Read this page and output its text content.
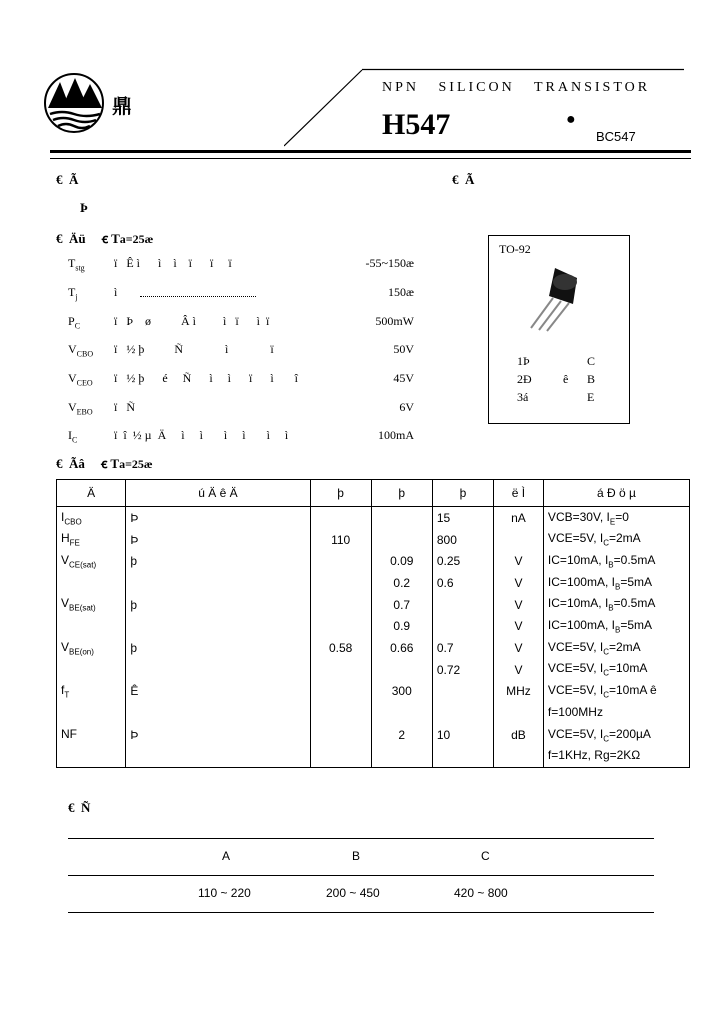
鼎
NPN   SILICON   TRANSISTOR
H547	●
BC547
€  Ã
Þ
€  Ã
€  Äü     ꞓ Ta=25æ
TO-92
1Þ	C
2Ð	ê B
3á	E
$T_{stg}$ ï   Ê ì      ì    ì    ï      ï     ï	-55~150æ
$T_j$	ì	150æ
$P_C$	ï   Þ    ø          Â ì         ì   ï      ì  ï	500mW
$V_{CBO}$ ï   ½ þ          Ñ              ì              ï	50V
$V_{CEO}$ ï   ½ þ      é     Ñ      ì     ì      ï      ì       î	45V
$V_{EBO}$ ï   Ñ	6V
$I_C$	ï  î  ½ µ  Ä     ì     ì       ì     ì       ì     ì	100mA
€  Ãâ     ꞓ Ta=25æ
Ä	ú Ä ê Ä	þ	þ	þ	ë Ì	á Ð ö µ
$I_{CBO}$	Þ			15	nA	VCB=30V, $I_E=0$
$H_{FE}$	Þ	110		800		VCE=5V, $I_C=2mA$
$V_{CE(sat)}$	þ		0.09	0.25	V	IC=10mA, $I_B=0.5mA$
			0.2	0.6	V	IC=100mA, $I_B=5mA$
$V_{BE(sat)}$	þ		0.7		V	IC=10mA, $I_B=0.5mA$
			0.9		V	IC=100mA, $I_B=5mA$
$V_{BE(on)}$	þ	0.58	0.66	0.7	V	VCE=5V, $I_C=2mA$
				0.72	V	VCE=5V, $I_C=10mA$
$f_T$	Ê		300		MHz	VCE=5V, $I_C=10mA$ ê
						f=100MHz
NF	Þ		2	10	dB	VCE=5V, $I_C=200\mu A$
						f=1KHz, Rg=2KΩ
€  Ñ
A	B	C
110 ~ 220	200 ~ 450	420 ~ 800
